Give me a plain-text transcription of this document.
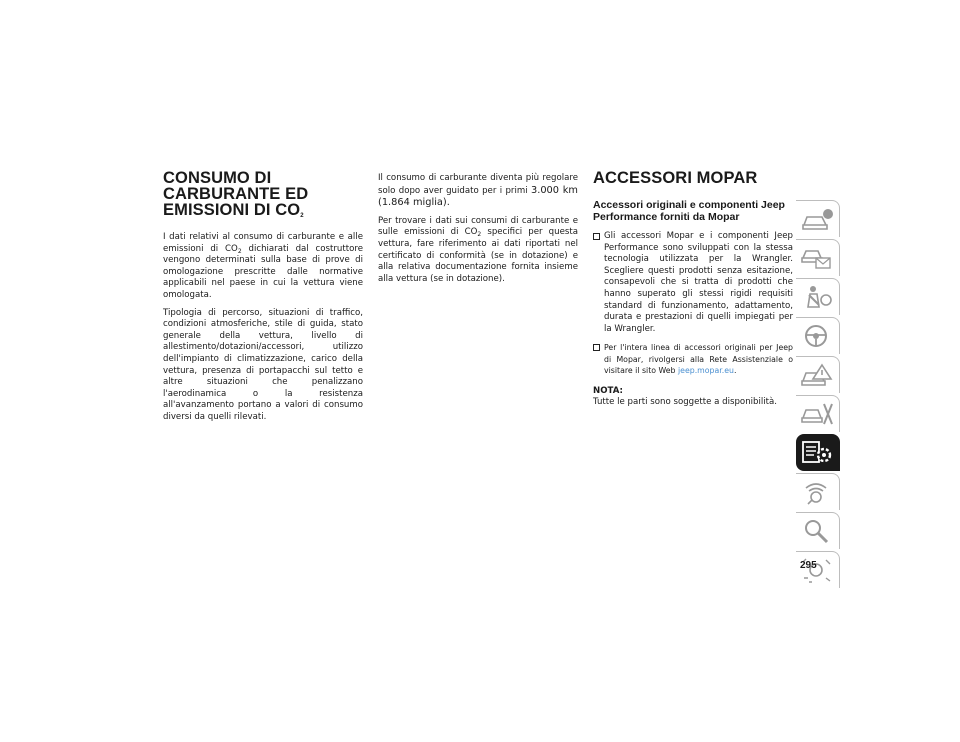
CONSUMO DI
CARBURANTE ED
EMISSIONI DI $CO_2$

I dati relativi al consumo di carburante e alle emissioni di $CO_2$ dichiarati dal costruttore vengono determinati sulla base di prove di omologazione prescritte dalle normative applicabili nel paese in cui la vettura viene omologata.

Tipologia di percorso, situazioni di traffico, condizioni atmosferiche, stile di guida, stato generale della vettura, livello di allestimento/dotazioni/accessori, utilizzo dell'impianto di climatizzazione, carico della vettura, presenza di portapacchi sul tetto e altre situazioni che penalizzano l'aerodinamica o la resistenza all'avanzamento portano a valori di consumo diversi da quelli rilevati.

Il consumo di carburante diventa più regolare solo dopo aver guidato per i primi 3.000 km (1.864 miglia).

Per trovare i dati sui consumi di carburante e sulle emissioni di $CO_2$ specifici per questa vettura, fare riferimento ai dati riportati nel certificato di conformità (se in dotazione) e alla relativa documentazione fornita insieme alla vettura (se in dotazione).

ACCESSORI MOPAR
Accessori originali e componenti Jeep Performance forniti da Mopar
Gli accessori Mopar e i componenti Jeep Performance sono sviluppati con la stessa tecnologia utilizzata per la Wrangler. Scegliere questi prodotti senza esitazione, consapevoli che si tratta di prodotti che hanno superato gli stessi rigidi requisiti standard di funzionamento, adattamento, durata e prestazioni di quelli impiegati per la Wrangler.
Per l'intera linea di accessori originali per Jeep di Mopar, rivolgersi alla Rete Assistenziale o visitare il sito Web jeep.mopar.eu.
NOTA:
Tutte le parti sono soggette a disponibilità.
295
